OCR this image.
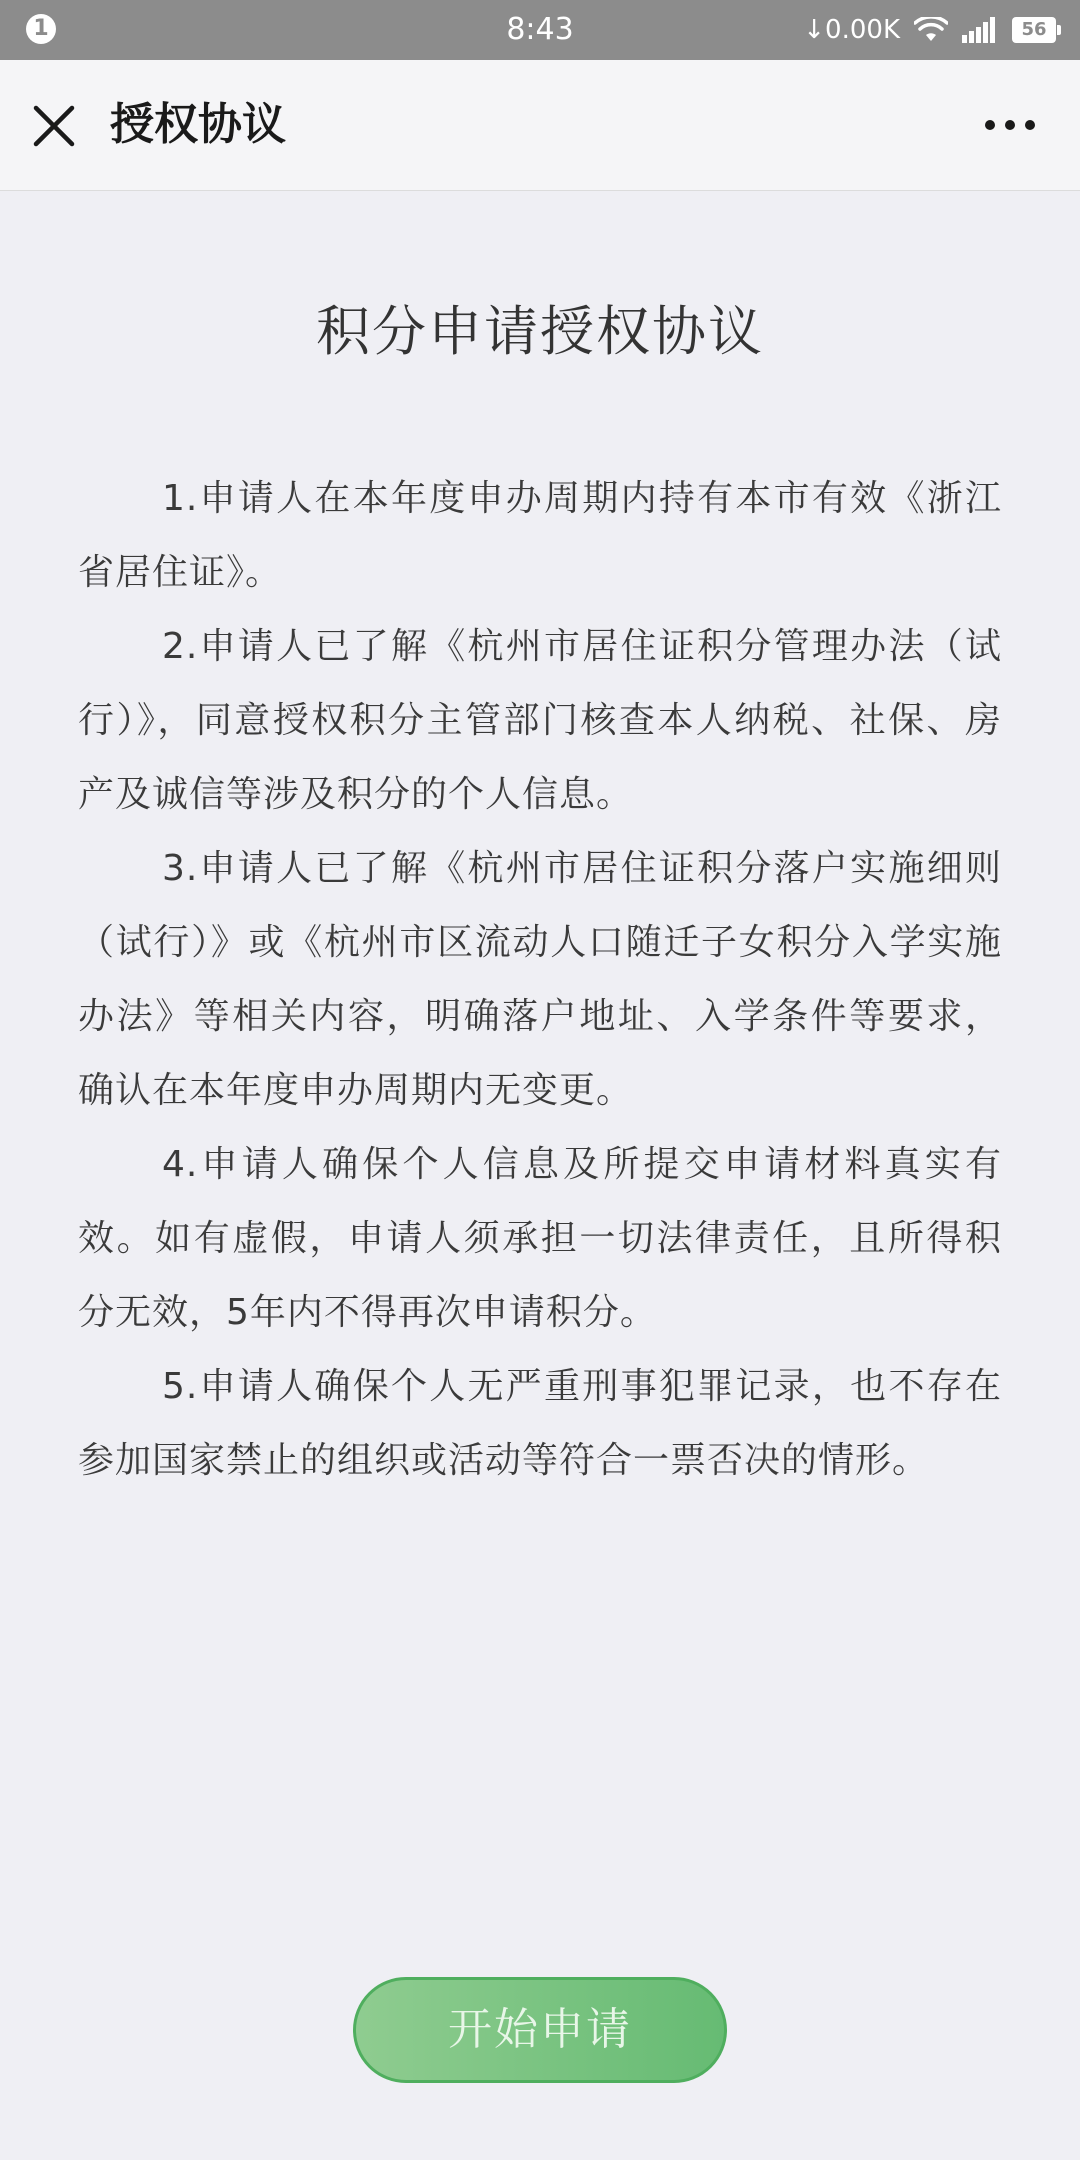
1	8:43	↓0.00K	56
授权协议
积分申请授权协议

1.申请人在本年度申办周期内持有本市有效《浙江省居住证》。

2.申请人已了解《杭州市居住证积分管理办法（试行）》，同意授权积分主管部门核查本人纳税、社保、房产及诚信等涉及积分的个人信息。

3.申请人已了解《杭州市居住证积分落户实施细则（试行）》或《杭州市区流动人口随迁子女积分入学实施办法》等相关内容，明确落户地址、入学条件等要求，确认在本年度申办周期内无变更。

4.申请人确保个人信息及所提交申请材料真实有效。如有虚假，申请人须承担一切法律责任，且所得积分无效，5年内不得再次申请积分。

5.申请人确保个人无严重刑事犯罪记录，也不存在参加国家禁止的组织或活动等符合一票否决的情形。

开始申请
